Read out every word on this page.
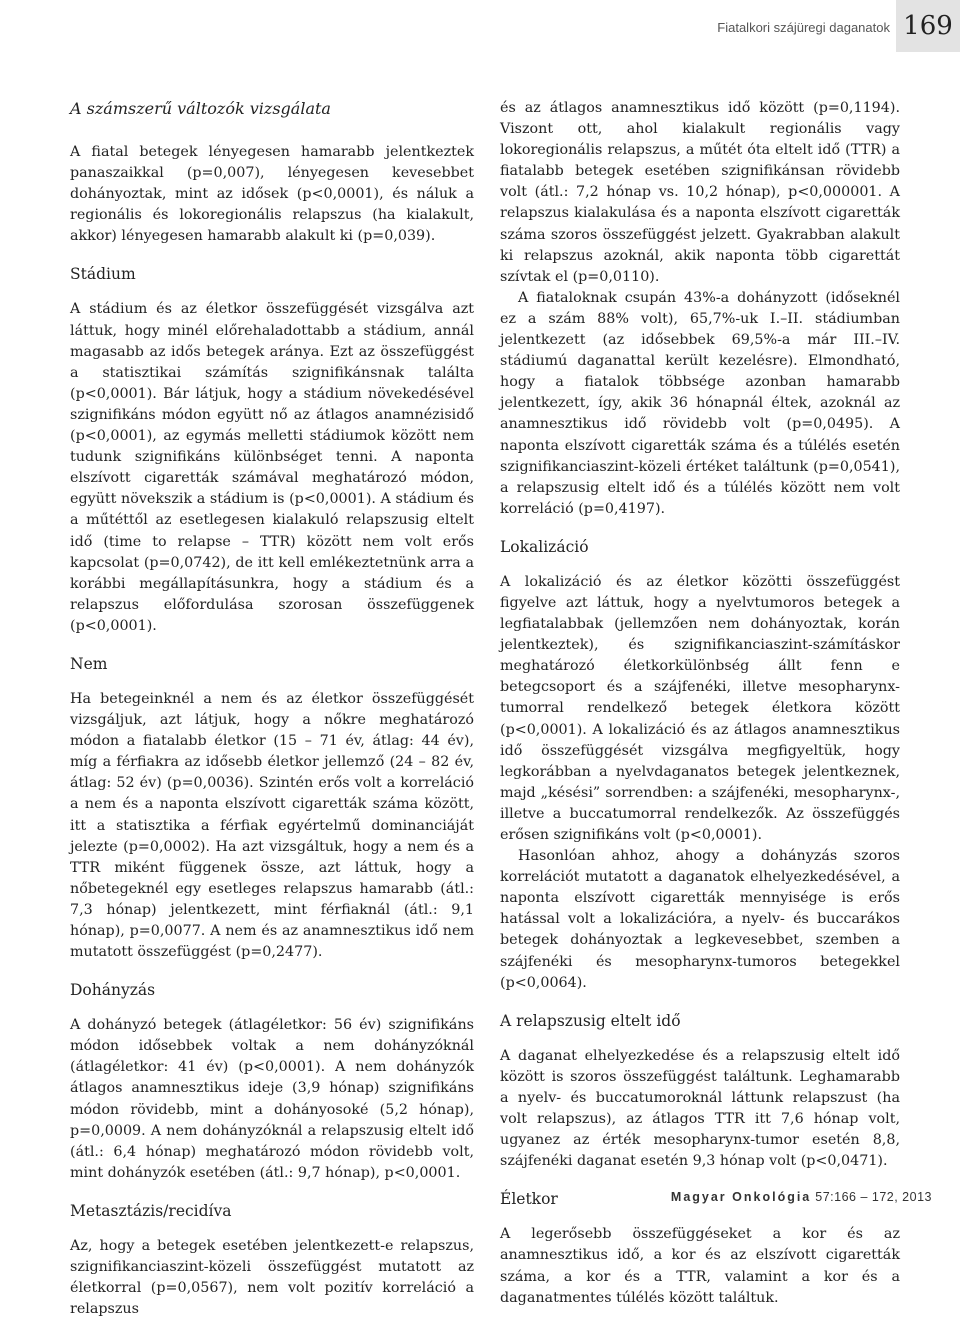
Fiatalkori szájüregi daganatok 169
A számszerű változók vizsgálata

A fiatal betegek lényegesen hamarabb jelentkeztek panaszaikkal (p=0,007), lényegesen kevesebbet dohányoztak, mint az idősek (p<0,0001), és náluk a regionális és lokoregionális relapszus (ha kialakult, akkor) lényegesen hamarabb alakult ki (p=0,039).

Stádium

A stádium és az életkor összefüggését vizsgálva azt láttuk, hogy minél előrehaladottabb a stádium, annál magasabb az idős betegek aránya. Ezt az összefüggést a statisztikai számítás szignifikánsnak találta (p<0,0001). Bár látjuk, hogy a stádium növekedésével szignifikáns módon együtt nő az átlagos anamnézisidő (p<0,0001), az egymás melletti stádiumok között nem tudunk szignifikáns különbséget tenni. A naponta elszívott cigaretták számával meghatározó módon, együtt növekszik a stádium is (p<0,0001). A stádium és a műtéttől az esetlegesen kialakuló relapszusig eltelt idő (time to relapse – TTR) között nem volt erős kapcsolat (p=0,0742), de itt kell emlékeztetnünk arra a korábbi megállapításunkra, hogy a stádium és a relapszus előfordulása szorosan összefüggenek (p<0,0001).

Nem

Ha betegeinknél a nem és az életkor összefüggését vizsgáljuk, azt látjuk, hogy a nőkre meghatározó módon a fiatalabb életkor (15 – 71 év, átlag: 44 év), míg a férfiakra az idősebb életkor jellemző (24 – 82 év, átlag: 52 év) (p=0,0036). Szintén erős volt a korreláció a nem és a naponta elszívott cigaretták száma között, itt a statisztika a férfiak egyértelmű dominanciáját jelezte (p=0,0002). Ha azt vizsgáltuk, hogy a nem és a TTR miként függenek össze, azt láttuk, hogy a nőbetegeknél egy esetleges relapszus hamarabb (átl.: 7,3 hónap) jelentkezett, mint férfiaknál (átl.: 9,1 hónap), p=0,0077. A nem és az anamnesztikus idő nem mutatott összefüggést (p=0,2477).

Dohányzás

A dohányzó betegek (átlagéletkor: 56 év) szignifikáns módon idősebbek voltak a nem dohányzóknál (átlagéletkor: 41 év) (p<0,0001). A nem dohányzók átlagos anamnesztikus ideje (3,9 hónap) szignifikáns módon rövidebb, mint a dohányosoké (5,2 hónap), p=0,0009. A nem dohányzóknál a relapszusig eltelt idő (átl.: 6,4 hónap) meghatározó módon rövidebb volt, mint dohányzók esetében (átl.: 9,7 hónap), p<0,0001.

Metasztázis/recidíva

Az, hogy a betegek esetében jelentkezett-e relapszus, szignifikanciaszint-közeli összefüggést mutatott az életkorral (p=0,0567), nem volt pozitív korreláció a relapszus

és az átlagos anamnesztikus idő között (p=0,1194). Viszont ott, ahol kialakult regionális vagy lokoregionális relapszus, a műtét óta eltelt idő (TTR) a fiatalabb betegek esetében szignifikánsan rövidebb volt (átl.: 7,2 hónap vs. 10,2 hónap), p<0,000001. A relapszus kialakulása és a naponta elszívott cigaretták száma szoros összefüggést jelzett. Gyakrabban alakult ki relapszus azoknál, akik naponta több cigarettát szívtak el (p=0,0110).

A fiataloknak csupán 43%-a dohányzott (időseknél ez a szám 88% volt), 65,7%-uk I.–II. stádiumban jelentkezett (az idősebbek 69,5%-a már III.–IV. stádiumú daganattal került kezelésre). Elmondható, hogy a fiatalok többsége azonban hamarabb jelentkezett, így, akik 36 hónapnál éltek, azoknál az anamnesztikus idő rövidebb volt (p=0,0495). A naponta elszívott cigaretták száma és a túlélés esetén szignifikanciaszint-közeli értéket találtunk (p=0,0541), a relapszusig eltelt idő és a túlélés között nem volt korreláció (p=0,4197).

Lokalizáció

A lokalizáció és az életkor közötti összefüggést figyelve azt láttuk, hogy a nyelvtumoros betegek a legfiatalabbak (jellemzően nem dohányoztak, korán jelentkeztek), és szignifikanciaszint-számításkor meghatározó életkorkülönbség állt fenn e betegcsoport és a szájfenéki, illetve mesopharynx-tumorral rendelkező betegek életkora között (p<0,0001). A lokalizáció és az átlagos anamnesztikus idő összefüggését vizsgálva megfigyeltük, hogy legkorábban a nyelvdaganatos betegek jelentkeznek, majd „késési” sorrendben: a szájfenéki, mesopharynx-, illetve a buccatumorral rendelkezők. Az összefüggés erősen szignifikáns volt (p<0,0001).

Hasonlóan ahhoz, ahogy a dohányzás szoros korrelációt mutatott a daganatok elhelyezkedésével, a naponta elszívott cigaretták mennyisége is erős hatással volt a lokalizációra, a nyelv- és buccarákos betegek dohányoztak a legkevesebbet, szemben a szájfenéki és mesopharynx-tumoros betegekkel (p<0,0064).

A relapszusig eltelt idő

A daganat elhelyezkedése és a relapszusig eltelt idő között is szoros összefüggést találtunk. Leghamarabb a nyelv- és buccatumoroknál láttunk relapszust (ha volt relapszus), az átlagos TTR itt 7,6 hónap volt, ugyanez az érték mesopharynx-tumor esetén 8,8, szájfenéki daganat esetén 9,3 hónap volt (p<0,0471).

Életkor

A legerősebb összefüggéseket a kor és az anamnesztikus idő, a kor és az elszívott cigaretták száma, a kor és a TTR, valamint a kor és a daganatmentes túlélés között találtuk.

Magyar Onkológia 57:166 – 172, 2013
